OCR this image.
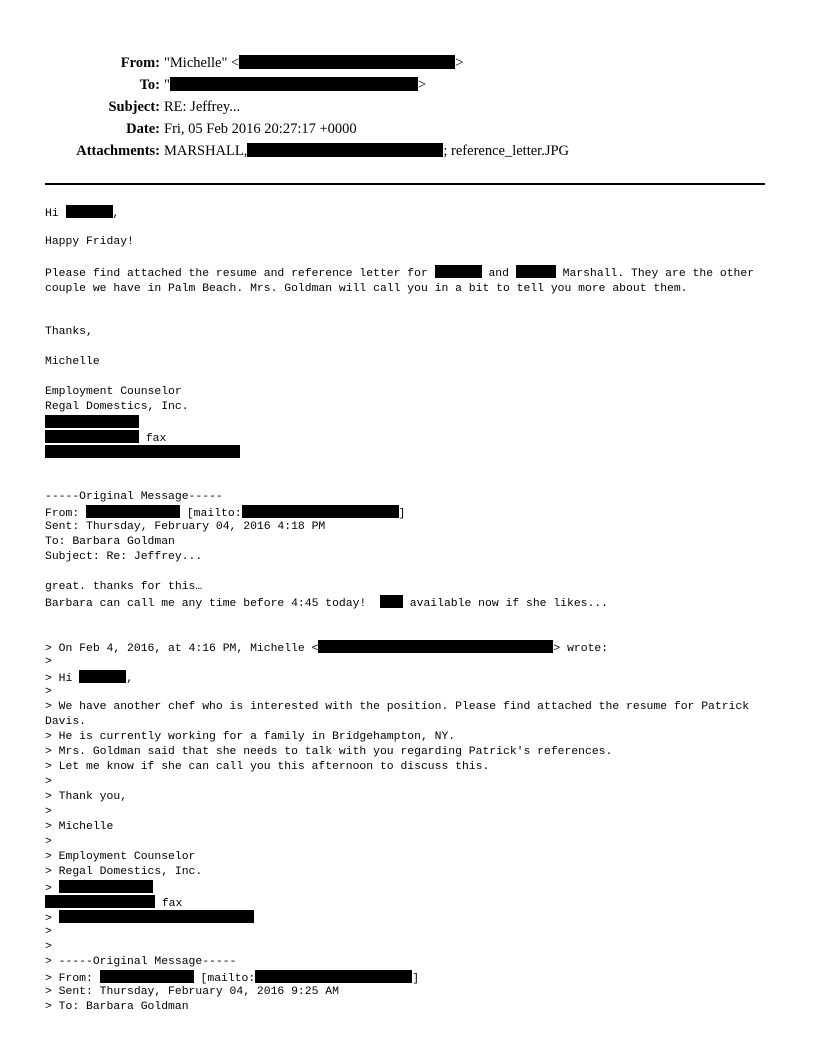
From: "Michelle" <	>
To: "	>
Subject: RE: Jeffrey...
Date: Fri, 05 Feb 2016 20:27:17 +0000
Attachments: MARSHALL,	; reference_letter.JPG
Hi	,
Happy Friday!
Please find attached the resume and reference letter for	and	Marshall. They are the other couple we have in Palm Beach. Mrs. Goldman will call you in a bit to tell you more about them.
Thanks,
Michelle
Employment Counselor
Regal Domestics, Inc.
fax
-----Original Message-----
From:	[mailto:	]
Sent: Thursday, February 04, 2016 4:18 PM
To: Barbara Goldman
Subject: Re: Jeffrey...
great. thanks for this…
Barbara can call me any time before 4:45 today!   available now if she likes...
> On Feb 4, 2016, at 4:16 PM, Michelle <	> wrote:
>
> Hi	,
>
> We have another chef who is interested with the position. Please find attached the resume for Patrick Davis.
> He is currently working for a family in Bridgehampton, NY.
> Mrs. Goldman said that she needs to talk with you regarding Patrick's references.
> Let me know if she can call you this afternoon to discuss this.
>
> Thank you,
>
> Michelle
>
> Employment Counselor
> Regal Domestics, Inc.
>
fax
>
>
>
> -----Original Message-----
> From:	[mailto:	]
> Sent: Thursday, February 04, 2016 9:25 AM
> To: Barbara Goldman
